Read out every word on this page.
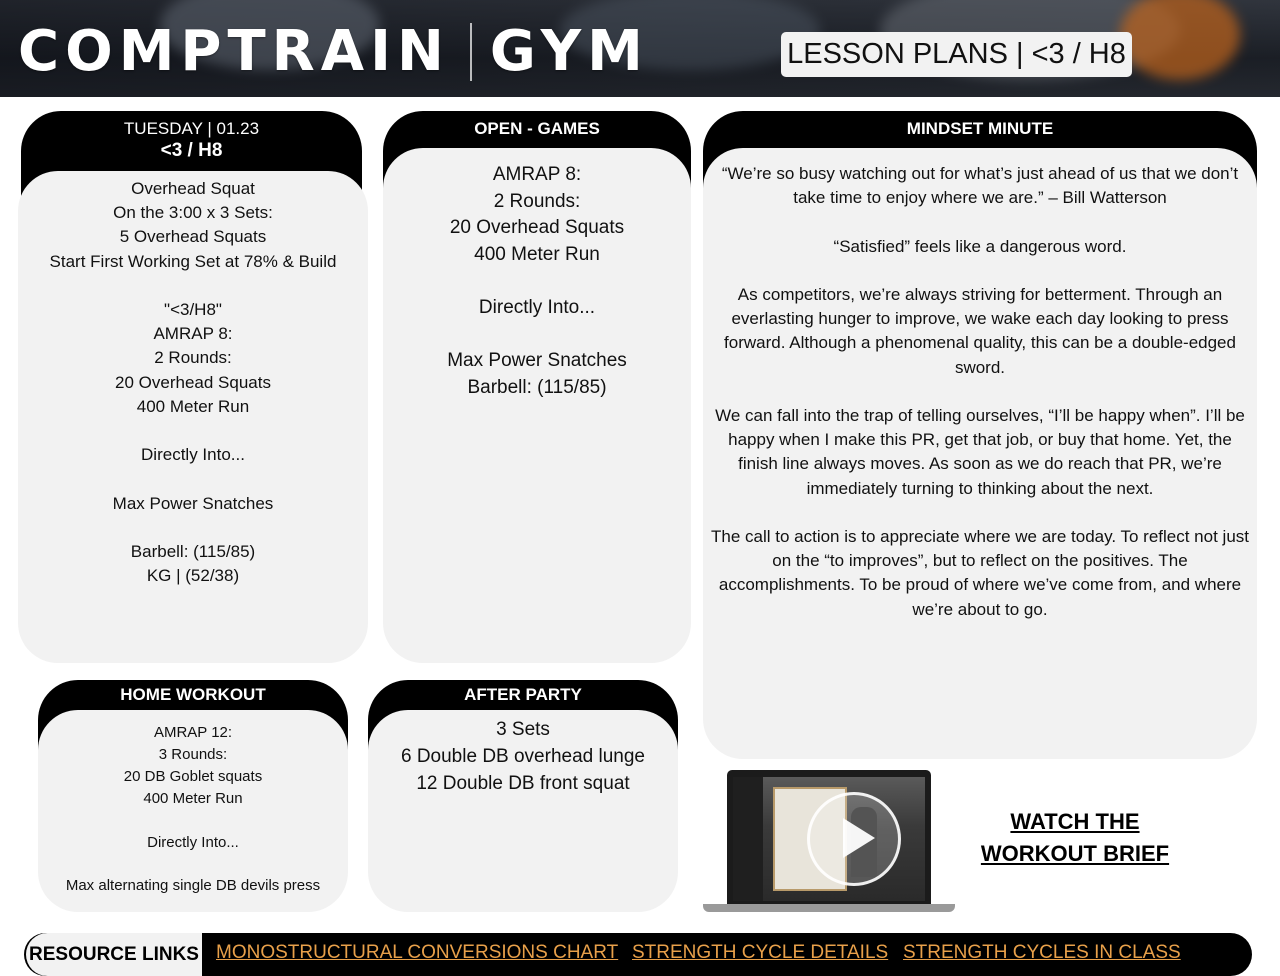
COMPTRAIN GYM	LESSON PLANS | <3 / H8
TUESDAY | 01.23
<3 / H8
Overhead Squat
On the 3:00 x 3 Sets:
5 Overhead Squats
Start First Working Set at 78% & Build

"<3/H8"
AMRAP 8:
2 Rounds:
20 Overhead Squats
400 Meter Run

Directly Into...

Max Power Snatches

Barbell: (115/85)
KG | (52/38)
OPEN - GAMES
AMRAP 8:
2 Rounds:
20 Overhead Squats
400 Meter Run

Directly Into...

Max Power Snatches
Barbell: (115/85)
MINDSET MINUTE
“We’re so busy watching out for what’s just ahead of us that we don’t take time to enjoy where we are.” – Bill Watterson

“Satisfied” feels like a dangerous word.

As competitors, we’re always striving for betterment. Through an everlasting hunger to improve, we wake each day looking to press forward. Although a phenomenal quality, this can be a double-edged sword.

We can fall into the trap of telling ourselves, “I’ll be happy when”. I’ll be happy when I make this PR, get that job, or buy that home. Yet, the finish line always moves. As soon as we do reach that PR, we’re immediately turning to thinking about the next.

The call to action is to appreciate where we are today. To reflect not just on the “to improves”, but to reflect on the positives. The accomplishments. To be proud of where we’ve come from, and where we’re about to go.
HOME WORKOUT
AMRAP 12:
3 Rounds:
20 DB Goblet squats
400 Meter Run

Directly Into...

Max alternating single DB devils press
AFTER PARTY
3 Sets
6 Double DB overhead lunge
12 Double DB front squat
WATCH THE
WORKOUT BRIEF
RESOURCE LINKS MONOSTRUCTURAL CONVERSIONS CHART STRENGTH CYCLE DETAILS STRENGTH CYCLES IN CLASS
